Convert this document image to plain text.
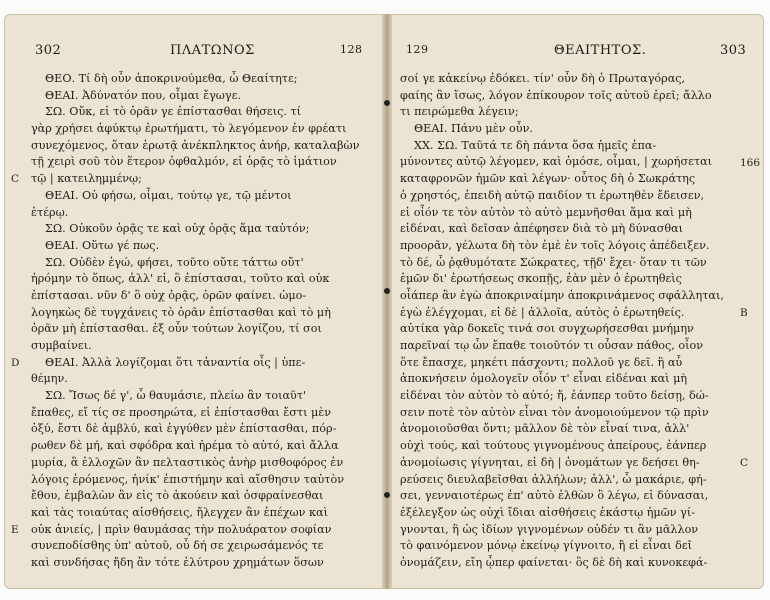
302	ΠΛΑΤΩΝΟΣ	128
ΘΕΟ. Τί δὴ οὖν ἀποκρινούμεθα, ὦ Θεαίτητε;
ΘΕΑΙ. Ἀδύνατόν που, οἶμαι ἔγωγε.
ΣΩ. Οὔκ, εἰ τὸ ὁρᾶν γε ἐπίστασθαι θήσεις. τί
γὰρ χρήσει ἀφύκτῳ ἐρωτήματι, τὸ λεγόμενον ἐν φρέατι
συνεχόμενος, ὅταν ἐρωτᾷ ἀνέκπληκτος ἀνήρ, καταλαβὼν
τῇ χειρὶ σοῦ τὸν ἕτερον ὀφθαλμόν, εἰ ὁρᾷς τὸ ἱμάτιον
τῷ | κατειλημμένῳ;
ΘΕΑΙ. Οὐ φήσω, οἶμαι, τούτῳ γε, τῷ μέντοι
ἑτέρῳ.
ΣΩ. Οὐκοῦν ὁρᾷς τε καὶ οὐχ ὁρᾷς ἅμα ταὐτόν;
ΘΕΑΙ. Οὕτω γέ πως.
ΣΩ. Οὐδὲν ἐγώ, φήσει, τοῦτο οὔτε τάττω οὔτ'
ἠρόμην τὸ ὅπως, ἀλλ' εἰ, ὃ ἐπίστασαι, τοῦτο καὶ οὐκ
ἐπίστασαι. νῦν δ' ὃ οὐχ ὁρᾷς, ὁρῶν φαίνει. ὡμο-
λογηκὼς δὲ τυγχάνεις τὸ ὁρᾶν ἐπίστασθαι καὶ τὸ μὴ
ὁρᾶν μὴ ἐπίστασθαι. ἐξ οὖν τούτων λογίζου, τί σοι
συμβαίνει.
ΘΕΑΙ. Ἀλλὰ λογίζομαι ὅτι τἀναντία οἷς | ὑπε-
θέμην.
ΣΩ. Ἴσως δέ γ', ὦ θαυμάσιε, πλείω ἂν τοιαῦτ'
ἔπαθες, εἴ τίς σε προσηρώτα, εἰ ἐπίστασθαι ἔστι μὲν
ὀξύ, ἔστι δὲ ἀμβλύ, καὶ ἐγγύθεν μὲν ἐπίστασθαι, πόρ-
ρωθεν δὲ μή, καὶ σφόδρα καὶ ἠρέμα τὸ αὐτό, καὶ ἄλλα
μυρία, ἃ ἐλλοχῶν ἂν πελταστικὸς ἀνὴρ μισθοφόρος ἐν
λόγοις ἐρόμενος, ἡνίκ' ἐπιστήμην καὶ αἴσθησιν ταὐτὸν
ἔθου, ἐμβαλὼν ἂν εἰς τὸ ἀκούειν καὶ ὀσφραίνεσθαι
καὶ τὰς τοιαύτας αἰσθήσεις, ἤλεγχεν ἂν ἐπέχων καὶ
οὐκ ἀνιείς, | πρὶν θαυμάσας τὴν πολυάρατον σοφίαν
συνεποδίσθης ὑπ' αὐτοῦ, οὗ δή σε χειρωσάμενός τε
καὶ συνδήσας ἤδη ἂν τότε ἐλύτρου χρημάτων ὅσων
C
D
E
129	ΘΕΑΙΤΗΤΟΣ.	303
σοί γε κἀκείνῳ ἐδόκει. τίν' οὖν δὴ ὁ Πρωταγόρας,
φαίης ἂν ἴσως, λόγον ἐπίκουρον τοῖς αὑτοῦ ἐρεῖ; ἄλλο
τι πειρώμεθα λέγειν;
ΘΕΑΙ. Πάνυ μὲν οὖν.
XX. ΣΩ. Ταῦτά τε δὴ πάντα ὅσα ἡμεῖς ἐπα-
μύνοντες αὐτῷ λέγομεν, καὶ ὁμόσε, οἶμαι, | χωρήσεται
καταφρονῶν ἡμῶν καὶ λέγων· οὗτος δὴ ὁ Σωκράτης
ὁ χρηστός, ἐπειδὴ αὐτῷ παιδίον τι ἐρωτηθὲν ἔδεισεν,
εἰ οἷόν τε τὸν αὐτὸν τὸ αὐτὸ μεμνῆσθαι ἅμα καὶ μὴ
εἰδέναι, καὶ δεῖσαν ἀπέφησεν διὰ τὸ μὴ δύνασθαι
προορᾶν, γέλωτα δὴ τὸν ἐμὲ ἐν τοῖς λόγοις ἀπέδειξεν.
τὸ δέ, ὦ ῥᾳθυμότατε Σώκρατες, τῇδ' ἔχει· ὅταν τι τῶν
ἐμῶν δι' ἐρωτήσεως σκοπῇς, ἐὰν μὲν ὁ ἐρωτηθεὶς
οἷάπερ ἂν ἐγὼ ἀποκριναίμην ἀποκρινάμενος σφάλληται,
ἐγὼ ἐλέγχομαι, εἰ δὲ | ἀλλοῖα, αὐτὸς ὁ ἐρωτηθείς.
αὐτίκα γὰρ δοκεῖς τινά σοι συγχωρήσεσθαι μνήμην
παρεῖναί τῳ ὧν ἔπαθε τοιοῦτόν τι οὖσαν πάθος, οἷον
ὅτε ἔπασχε, μηκέτι πάσχοντι; πολλοῦ γε δεῖ. ἢ αὖ
ἀποκνήσειν ὁμολογεῖν οἷόν τ' εἶναι εἰδέναι καὶ μὴ
εἰδέναι τὸν αὐτὸν τὸ αὐτό; ἤ, ἐάνπερ τοῦτο δείσῃ, δώ-
σειν ποτὲ τὸν αὐτὸν εἶναι τὸν ἀνομοιούμενον τῷ πρὶν
ἀνομοιοῦσθαι ὄντι; μᾶλλον δὲ τὸν εἶναί τινα, ἀλλ'
οὐχὶ τούς, καὶ τούτους γιγνομένους ἀπείρους, ἐάνπερ
ἀνομοίωσις γίγνηται, εἰ δὴ | ὀνομάτων γε δεήσει θη-
ρεύσεις διευλαβεῖσθαι ἀλλήλων; ἀλλ', ὦ μακάριε, φή-
σει, γενναιοτέρως ἐπ' αὐτὸ ἐλθὼν ὃ λέγω, εἰ δύνασαι,
ἐξέλεγξον ὡς οὐχὶ ἴδιαι αἰσθήσεις ἑκάστῳ ἡμῶν γί-
γνονται, ἢ ὡς ἰδίων γιγνομένων οὐδέν τι ἂν μᾶλλον
τὸ φαινόμενον μόνῳ ἐκείνῳ γίγνοιτο, ἢ εἰ εἶναι δεῖ
ὀνομάζειν, εἴη ᾧπερ φαίνεται· ὃς δὲ δὴ καὶ κυνοκεφά-
166
B
C
